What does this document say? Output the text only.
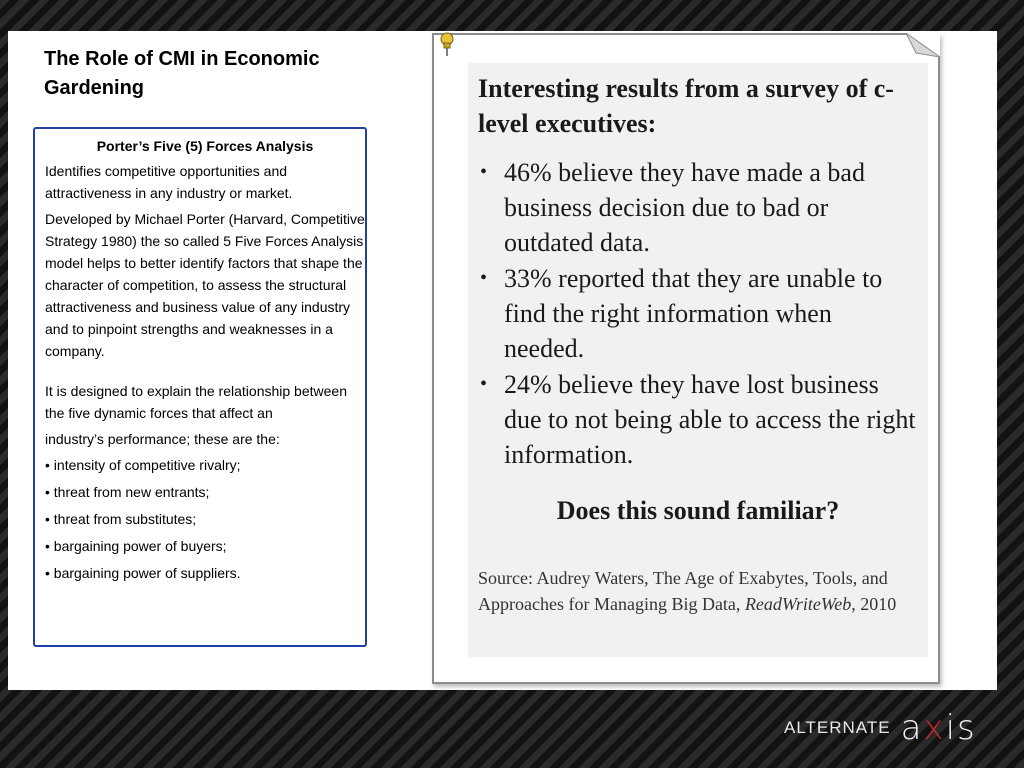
The Role of CMI in Economic Gardening

Porter’s Five (5) Forces Analysis

Identifies competitive opportunities and attractiveness in any industry or market.

Developed by Michael Porter (Harvard, Competitive Strategy 1980) the so called 5 Five Forces Analysis model helps to better identify factors that shape the character of competition, to assess the structural attractiveness and business value of any industry and to pinpoint strengths and weaknesses in a company.

It is designed to explain the relationship between the five dynamic forces that affect an

industry’s performance; these are the:

• intensity of competitive rivalry;

• threat from new entrants;

• threat from substitutes;

• bargaining power of buyers;

• bargaining power of suppliers.

Interesting results from a survey of c-level executives:
• 46% believe they have made a bad business decision due to bad or outdated data.
• 33% reported that they are unable to find the right information when needed.
• 24% believe they have lost business due to not being able to access the right information.
Does this sound familiar?
Source: Audrey Waters, The Age of Exabytes, Tools, and Approaches for Managing Big Data, ReadWriteWeb, 2010
ALTERNATE axis
